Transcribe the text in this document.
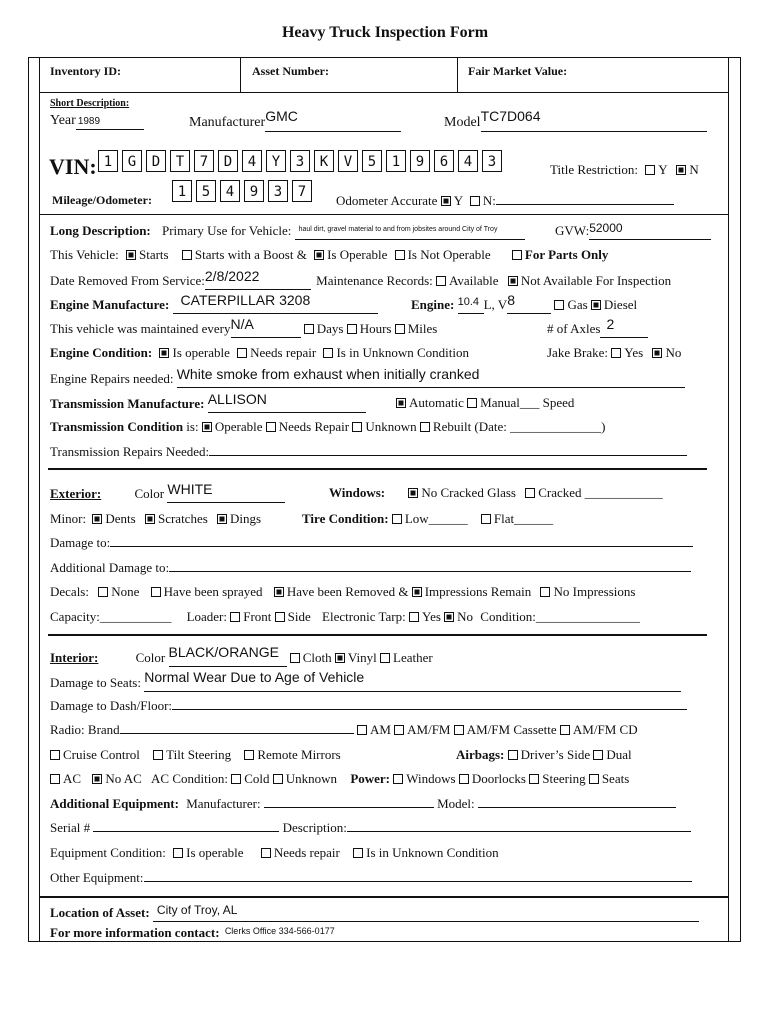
Heavy Truck Inspection Form
Inventory ID:	Asset Number:	Fair Market Value:
Short Description:
Year 1989	ManufacturerGMC	ModelTC7D064
VIN: 1 G D T 7 D 4 Y 3 K V 5 1 9 6 4 3	Title Restriction: Y N
Mileage/Odometer:	1 5 4 9 3 7
Odometer Accurate Y N:
Long Description: Primary Use for Vehicle: $^{haul dirt, gravel material to and from jobsites around City of Troy}$	GVW:52000
This Vehicle: Starts Starts with a Boost & Is Operable Is Not Operable	For Parts Only
Date Removed From Service:2/8/2022	Maintenance Records: Available Not Available For Inspection
Engine Manufacture: CATERPILLAR 3208	Engine: $^{10.4}$ L, V8	Gas Diesel
This vehicle was maintained everyN/A	Days Hours Miles	# of Axles 2
Engine Condition: Is operable Needs repair Is in Unknown Condition	Jake Brake: Yes No
Engine Repairs needed: White smoke from exhaust when initially cranked
Transmission Manufacture: ALLISON	Automatic Manual___ Speed
Transmission Condition is: Operable Needs Repair Unknown Rebuilt (Date: ______________)
Transmission Repairs Needed:
Exterior:	Color WHITE	Windows:	No Cracked Glass Cracked ____________
Minor: Dents Scratches Dings	Tire Condition: Low______ Flat______
Damage to:
Additional Damage to:
Decals: None Have been sprayed Have been Removed & Impressions Remain No Impressions
Capacity:___________ Loader: Front Side Electronic Tarp: Yes No Condition:________________
Interior:	Color BLACK/ORANGE Cloth Vinyl Leather
Damage to Seats: Normal Wear Due to Age of Vehicle
Damage to Dash/Floor:
Radio: Brand	AM AM/FM AM/FM Cassette AM/FM CD
Cruise Control Tilt Steering Remote Mirrors	Airbags: Driver’s Side Dual
AC No AC AC Condition: Cold Unknown Power: Windows Doorlocks Steering Seats
Additional Equipment: Manufacturer:	Model:
Serial #	Description:
Equipment Condition: Is operable Needs repair Is in Unknown Condition
Other Equipment:
Location of Asset: City of Troy, AL
For more information contact: $^{Clerks Office 334-566-0177}$
